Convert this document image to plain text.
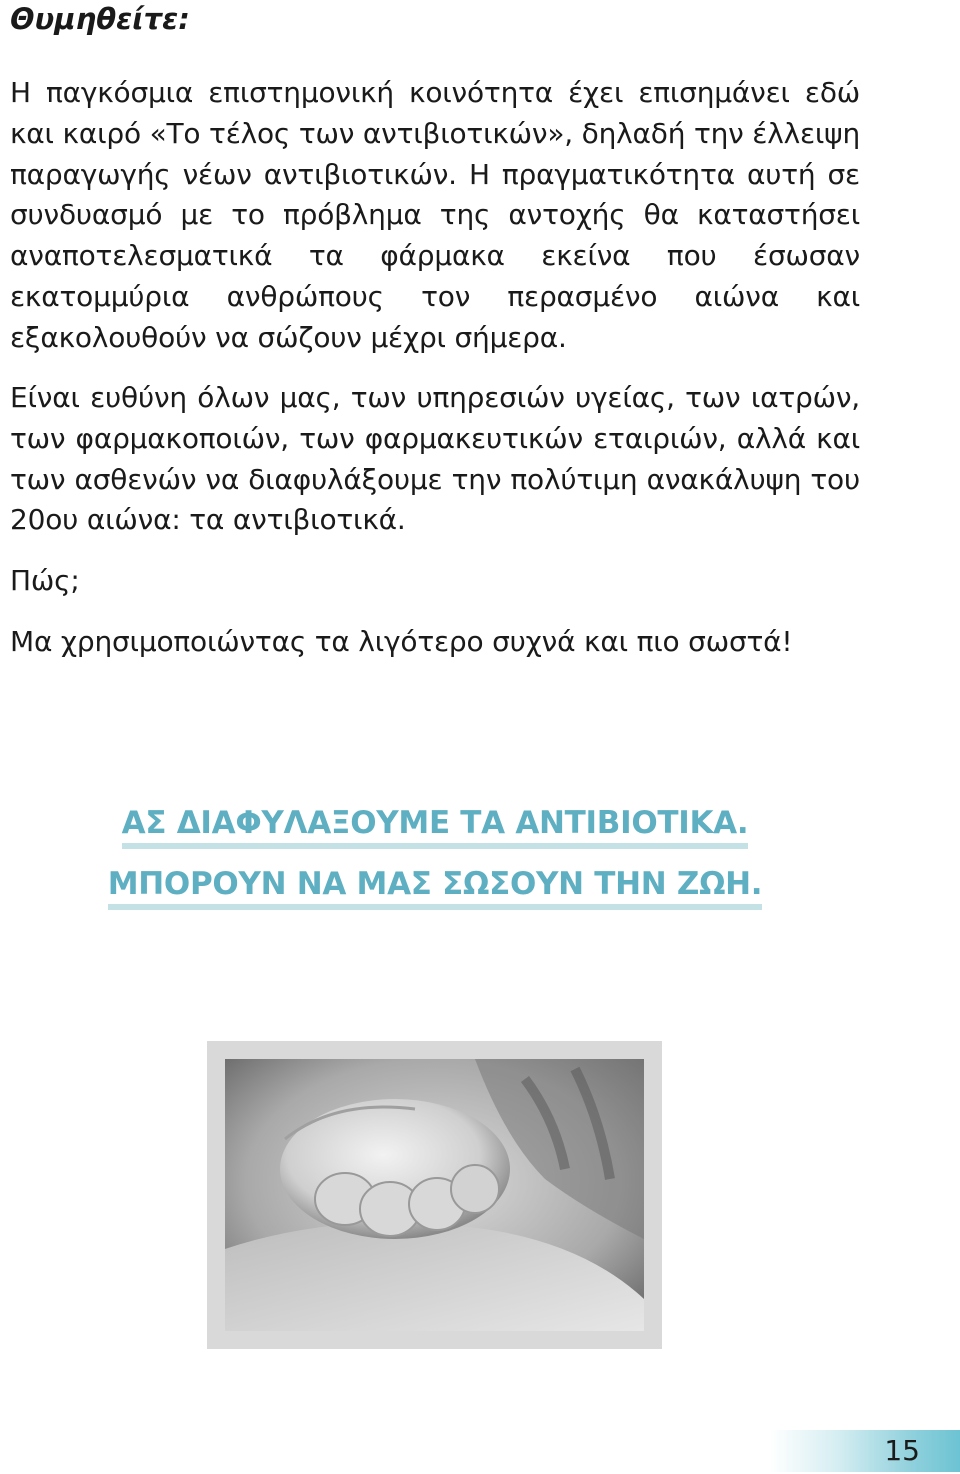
Θυμηθείτε:

Η παγκόσμια επιστημονική κοινότητα έχει επισημάνει εδώ και καιρό «Το τέλος των αντιβιοτικών», δηλαδή την έλλειψη παραγωγής νέων αντιβιοτικών. Η πραγματικότητα αυτή σε συνδυασμό με το πρόβλημα της αντοχής θα καταστήσει αναποτελεσματικά τα φάρμακα εκείνα που έσωσαν εκατομμύρια ανθρώπους τον περασμένο αιώνα και εξακολουθούν να σώζουν μέχρι σήμερα.

Είναι ευθύνη όλων μας, των υπηρεσιών υγείας, των ιατρών, των φαρμακοποιών, των φαρμακευτικών εταιριών, αλλά και των ασθενών να διαφυλάξουμε την πολύτιμη ανακάλυψη του 20ου αιώνα: τα αντιβιοτικά.

Πώς;

Μα χρησιμοποιώντας τα λιγότερο συχνά και πιο σωστά!

ΑΣ ΔΙΑΦΥΛΑΞΟΥΜΕ ΤΑ ΑΝΤΙΒΙΟΤΙΚΑ.
ΜΠΟΡΟΥΝ ΝΑ ΜΑΣ ΣΩΣΟΥΝ ΤΗΝ ΖΩΗ.
15
